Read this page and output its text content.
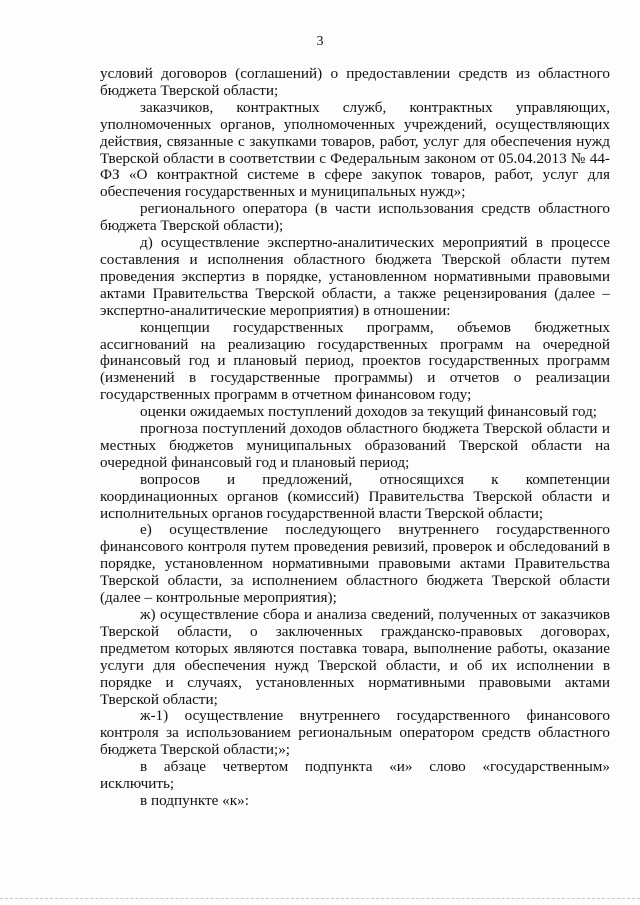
3

условий договоров (соглашений) о предоставлении средств из областного бюджета Тверской области;

заказчиков, контрактных служб, контрактных управляющих, уполномоченных органов, уполномоченных учреждений, осуществляющих действия, связанные с закупками товаров, работ, услуг для обеспечения нужд Тверской области в соответствии с Федеральным законом от 05.04.2013 № 44-ФЗ «О контрактной системе в сфере закупок товаров, работ, услуг для обеспечения государственных и муниципальных нужд»;

регионального оператора (в части использования средств областного бюджета Тверской области);

д) осуществление экспертно-аналитических мероприятий в процессе составления и исполнения областного бюджета Тверской области путем проведения экспертиз в порядке, установленном нормативными правовыми актами Правительства Тверской области, а также рецензирования (далее – экспертно-аналитические мероприятия) в отношении:

концепции государственных программ, объемов бюджетных ассигнований на реализацию государственных программ на очередной финансовый год и плановый период, проектов государственных программ (изменений в государственные программы) и отчетов о реализации государственных программ в отчетном финансовом году;

оценки ожидаемых поступлений доходов за текущий финансовый год;

прогноза поступлений доходов областного бюджета Тверской области и местных бюджетов муниципальных образований Тверской области на очередной финансовый год и плановый период;

вопросов и предложений, относящихся к компетенции координационных органов (комиссий) Правительства Тверской области и исполнительных органов государственной власти Тверской области;

е) осуществление последующего внутреннего государственного финансового контроля путем проведения ревизий, проверок и обследований в порядке, установленном нормативными правовыми актами Правительства Тверской области, за исполнением областного бюджета Тверской области (далее – контрольные мероприятия);

ж) осуществление сбора и анализа сведений, полученных от заказчиков Тверской области, о заключенных гражданско-правовых договорах, предметом которых являются поставка товара, выполнение работы, оказание услуги для обеспечения нужд Тверской области, и об их исполнении в порядке и случаях, установленных нормативными правовыми актами Тверской области;

ж-1) осуществление внутреннего государственного финансового контроля за использованием региональным оператором средств областного бюджета Тверской области;»;

в абзаце четвертом подпункта «и» слово «государственным» исключить;

в подпункте «к»:
